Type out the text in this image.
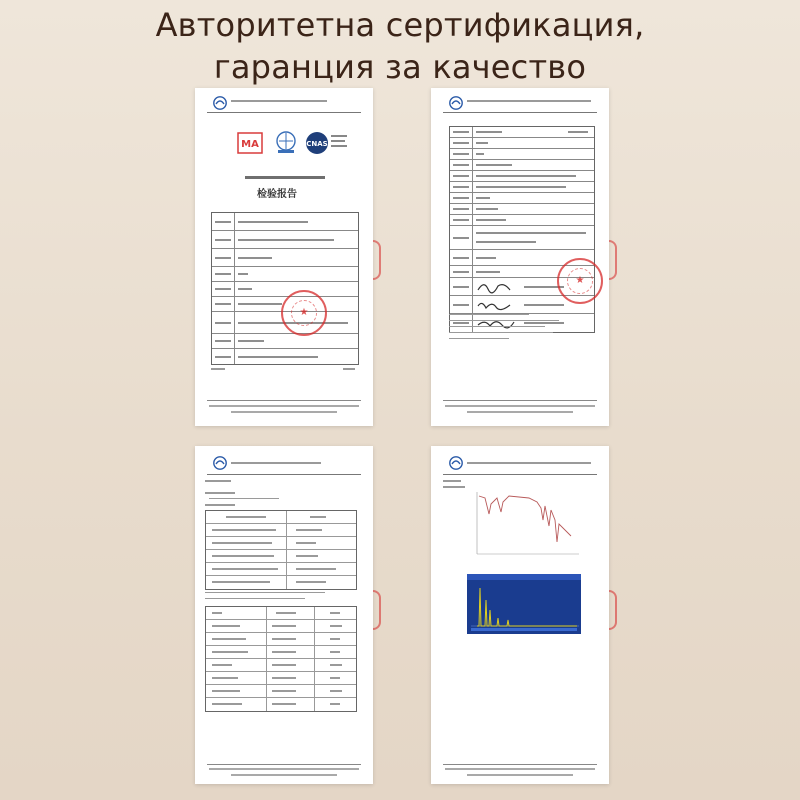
Авторитетна сертификация,
гаранция за качество
MA	CNAS
检验报告
★
★
